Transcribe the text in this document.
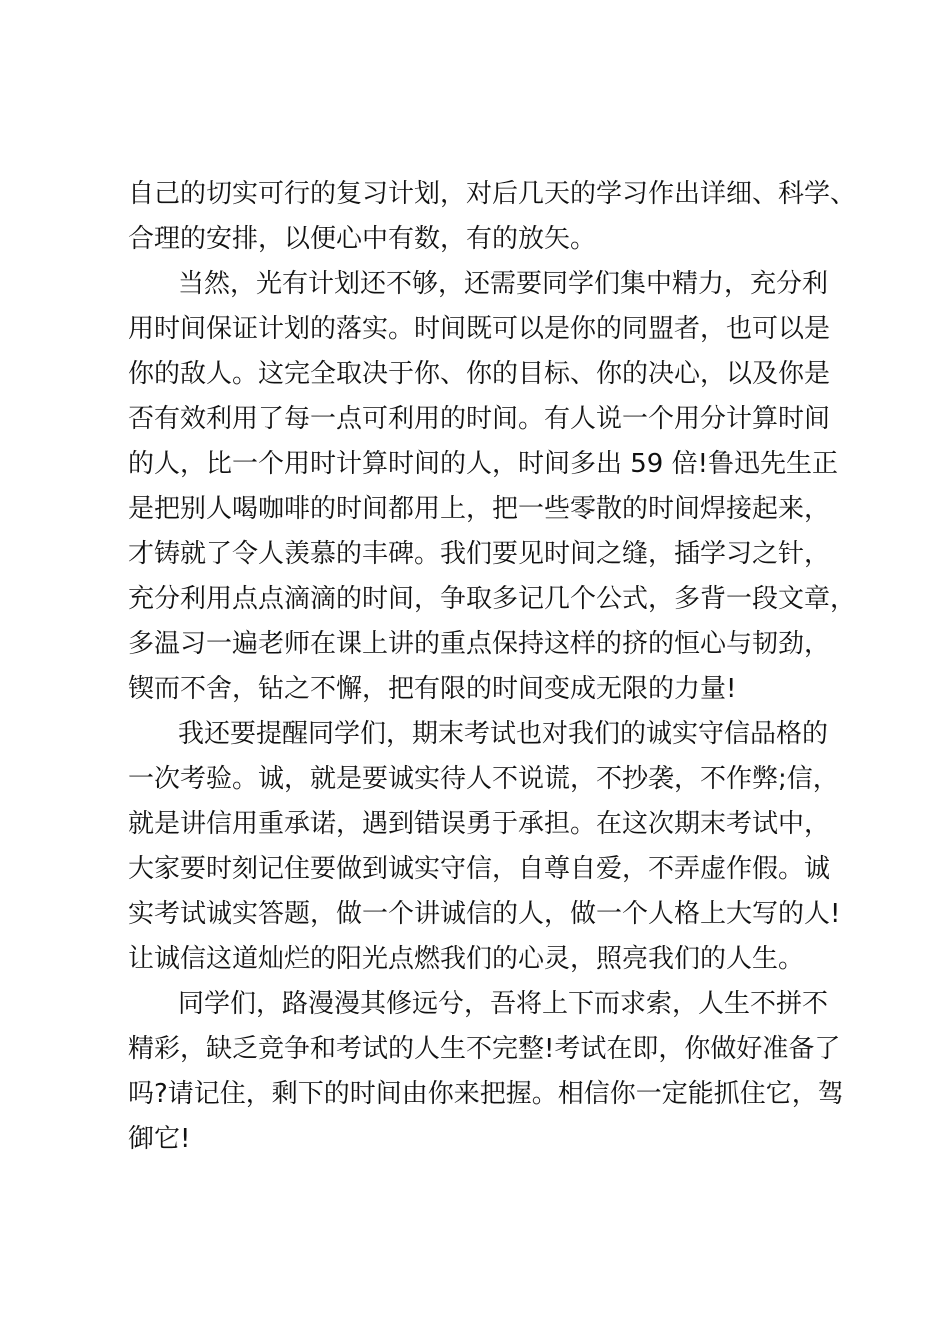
自己的切实可行的复习计划，对后几天的学习作出详细、科学、
合理的安排，以便心中有数，有的放矢。
当然，光有计划还不够，还需要同学们集中精力，充分利
用时间保证计划的落实。时间既可以是你的同盟者，也可以是
你的敌人。这完全取决于你、你的目标、你的决心，以及你是
否有效利用了每一点可利用的时间。有人说一个用分计算时间
的人，比一个用时计算时间的人，时间多出 59 倍!鲁迅先生正
是把别人喝咖啡的时间都用上，把一些零散的时间焊接起来，
才铸就了令人羡慕的丰碑。我们要见时间之缝，插学习之针，
充分利用点点滴滴的时间，争取多记几个公式，多背一段文章，
多温习一遍老师在课上讲的重点保持这样的挤的恒心与韧劲，
锲而不舍，钻之不懈，把有限的时间变成无限的力量!
我还要提醒同学们，期末考试也对我们的诚实守信品格的
一次考验。诚，就是要诚实待人不说谎，不抄袭，不作弊;信，
就是讲信用重承诺，遇到错误勇于承担。在这次期末考试中，
大家要时刻记住要做到诚实守信，自尊自爱，不弄虚作假。诚
实考试诚实答题，做一个讲诚信的人，做一个人格上大写的人!
让诚信这道灿烂的阳光点燃我们的心灵，照亮我们的人生。
同学们，路漫漫其修远兮，吾将上下而求索，人生不拼不
精彩，缺乏竞争和考试的人生不完整!考试在即，你做好准备了
吗?请记住，剩下的时间由你来把握。相信你一定能抓住它，驾
御它!
